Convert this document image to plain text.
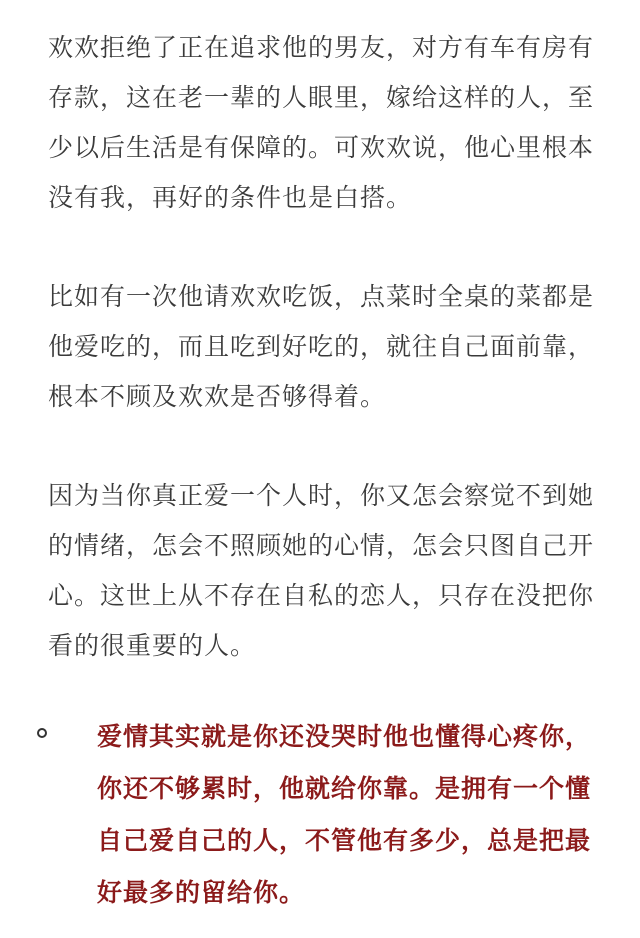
欢欢拒绝了正在追求他的男友，对方有车有房有
存款，这在老一辈的人眼里，嫁给这样的人，至
少以后生活是有保障的。可欢欢说，他心里根本
没有我，再好的条件也是白搭。

比如有一次他请欢欢吃饭，点菜时全桌的菜都是
他爱吃的，而且吃到好吃的，就往自己面前靠，
根本不顾及欢欢是否够得着。

因为当你真正爱一个人时，你又怎会察觉不到她
的情绪，怎会不照顾她的心情，怎会只图自己开
心。这世上从不存在自私的恋人，只存在没把你
看的很重要的人。

爱情其实就是你还没哭时他也懂得心疼你，
你还不够累时，他就给你靠。是拥有一个懂
自己爱自己的人，不管他有多少，总是把最
好最多的留给你。
